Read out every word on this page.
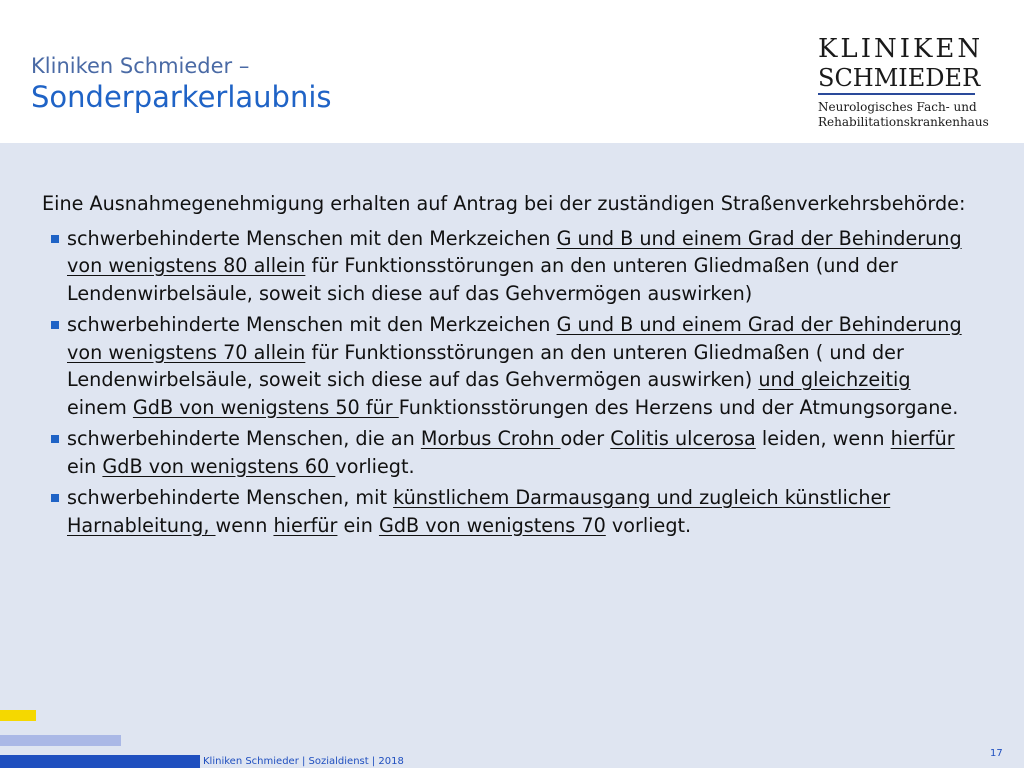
Kliniken Schmieder –
Sonderparkerlaubnis
KLINIKEN
SCHMIEDER
Neurologisches Fach- und
Rehabilitationskrankenhaus

Eine Ausnahmegenehmigung erhalten auf Antrag bei der zuständigen Straßenverkehrsbehörde:

schwerbehinderte Menschen mit den Merkzeichen G und B und einem Grad der Behinderung von wenigstens 80 allein für Funktionsstörungen an den unteren Gliedmaßen (und der Lendenwirbelsäule, soweit sich diese auf das Gehvermögen auswirken)
schwerbehinderte Menschen mit den Merkzeichen G und B und einem Grad der Behinderung von wenigstens 70 allein für Funktionsstörungen an den unteren Gliedmaßen ( und der Lendenwirbelsäule, soweit sich diese auf das Gehvermögen auswirken) und gleichzeitig einem GdB von wenigstens 50 für Funktionsstörungen des Herzens und der Atmungsorgane.
schwerbehinderte Menschen, die an Morbus Crohn oder Colitis ulcerosa leiden, wenn hierfür ein GdB von wenigstens 60 vorliegt.
schwerbehinderte Menschen, mit künstlichem Darmausgang und zugleich künstlicher Harnableitung, wenn hierfür ein GdB von wenigstens 70 vorliegt.
Kliniken Schmieder | Sozialdienst | 2018
17
